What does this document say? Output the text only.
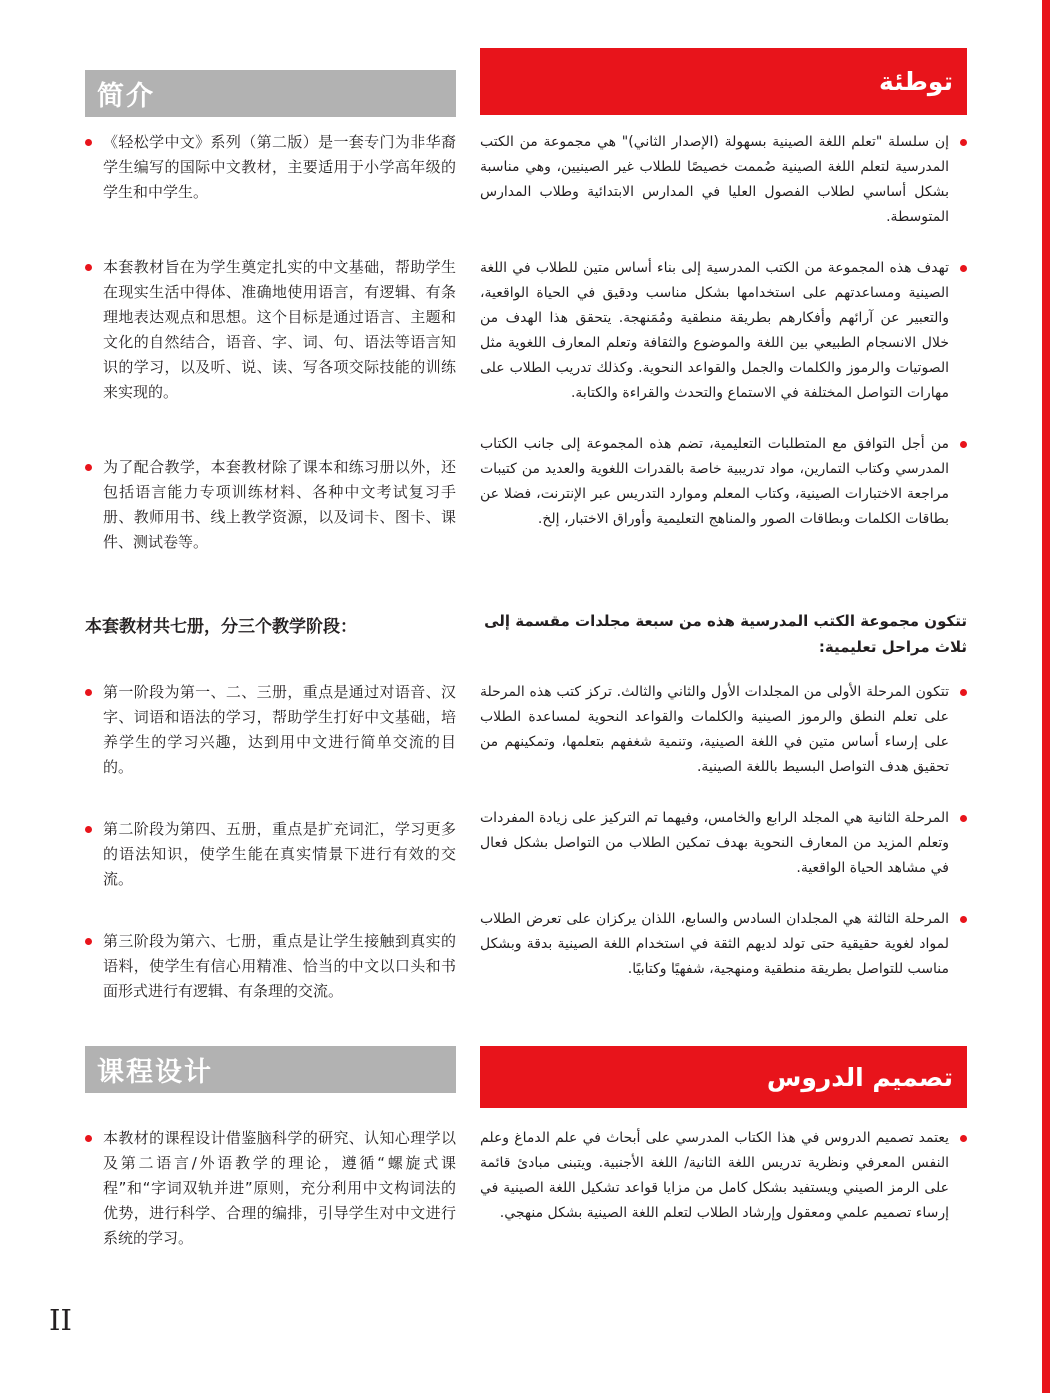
简介

《轻松学中文》系列（第二版）是一套专门为非华裔学生编写的国际中文教材，主要适用于小学高年级的学生和中学生。

本套教材旨在为学生奠定扎实的中文基础，帮助学生在现实生活中得体、准确地使用语言，有逻辑、有条理地表达观点和思想。这个目标是通过语言、主题和文化的自然结合，语音、字、词、句、语法等语言知识的学习，以及听、说、读、写各项交际技能的训练来实现的。

为了配合教学，本套教材除了课本和练习册以外，还包括语言能力专项训练材料、各种中文考试复习手册、教师用书、线上教学资源，以及词卡、图卡、课件、测试卷等。

本套教材共七册，分三个教学阶段：

第一阶段为第一、二、三册，重点是通过对语音、汉字、词语和语法的学习，帮助学生打好中文基础，培养学生的学习兴趣，达到用中文进行简单交流的目的。

第二阶段为第四、五册，重点是扩充词汇，学习更多的语法知识，使学生能在真实情景下进行有效的交流。

第三阶段为第六、七册，重点是让学生接触到真实的语料，使学生有信心用精准、恰当的中文以口头和书面形式进行有逻辑、有条理的交流。

课程设计

本教材的课程设计借鉴脑科学的研究、认知心理学以及第二语言/外语教学的理论，遵循“螺旋式课程”和“字词双轨并进”原则，充分利用中文构词法的优势，进行科学、合理的编排，引导学生对中文进行系统的学习。

توطئة

إن سلسلة "تعلم اللغة الصينية بسهولة (الإصدار الثاني)" هي مجموعة من الكتب المدرسية لتعلم اللغة الصينية صُممت خصيصًا للطلاب غير الصينيين، وهي مناسبة بشكل أساسي لطلاب الفصول العليا في المدارس الابتدائية وطلاب المدارس المتوسطة.

تهدف هذه المجموعة من الكتب المدرسية إلى بناء أساس متين للطلاب في اللغة الصينية ومساعدتهم على استخدامها بشكل مناسب ودقيق في الحياة الواقعية، والتعبير عن آرائهم وأفكارهم بطريقة منطقية ومُمَنهجة. يتحقق هذا الهدف من خلال الانسجام الطبيعي بين اللغة والموضوع والثقافة وتعلم المعارف اللغوية مثل الصوتيات والرموز والكلمات والجمل والقواعد النحوية. وكذلك تدريب الطلاب على مهارات التواصل المختلفة في الاستماع والتحدث والقراءة والكتابة.

من أجل التوافق مع المتطلبات التعليمية، تضم هذه المجموعة إلى جانب الكتاب المدرسي وكتاب التمارين، مواد تدريبية خاصة بالقدرات اللغوية والعديد من كتيبات مراجعة الاختبارات الصينية، وكتاب المعلم وموارد التدريس عبر الإنترنت، فضلا عن بطاقات الكلمات وبطاقات الصور والمناهج التعليمية وأوراق الاختبار، إلخ.

تتكون مجموعة الكتب المدرسية هذه من سبعة مجلدات مقسمة إلى ثلاث مراحل تعليمية:

تتكون المرحلة الأولى من المجلدات الأول والثاني والثالث. تركز كتب هذه المرحلة على تعلم النطق والرموز الصينية والكلمات والقواعد النحوية لمساعدة الطلاب على إرساء أساس متين في اللغة الصينية، وتنمية شغفهم بتعلمها، وتمكينهم من تحقيق هدف التواصل البسيط باللغة الصينية.

المرحلة الثانية هي المجلد الرابع والخامس، وفيهما تم التركيز على زيادة المفردات وتعلم المزيد من المعارف النحوية بهدف تمكين الطلاب من التواصل بشكل فعال في مشاهد الحياة الواقعية.

المرحلة الثالثة هي المجلدان السادس والسابع، اللذان يركزان على تعرض الطلاب لمواد لغوية حقيقية حتى تولد لديهم الثقة في استخدام اللغة الصينية بدقة وبشكل مناسب للتواصل بطريقة منطقية ومنهجية، شفهيًا وكتابيًا.

تصميم الدروس

يعتمد تصميم الدروس في هذا الكتاب المدرسي على أبحاث في علم الدماغ وعلم النفس المعرفي ونظرية تدريس اللغة الثانية/ اللغة الأجنبية. ويتبنى مبادئ قائمة على الرمز الصيني ويستفيد بشكل كامل من مزايا قواعد تشكيل اللغة الصينية في إرساء تصميم علمي ومعقول وإرشاد الطلاب لتعلم اللغة الصينية بشكل منهجي.

II
